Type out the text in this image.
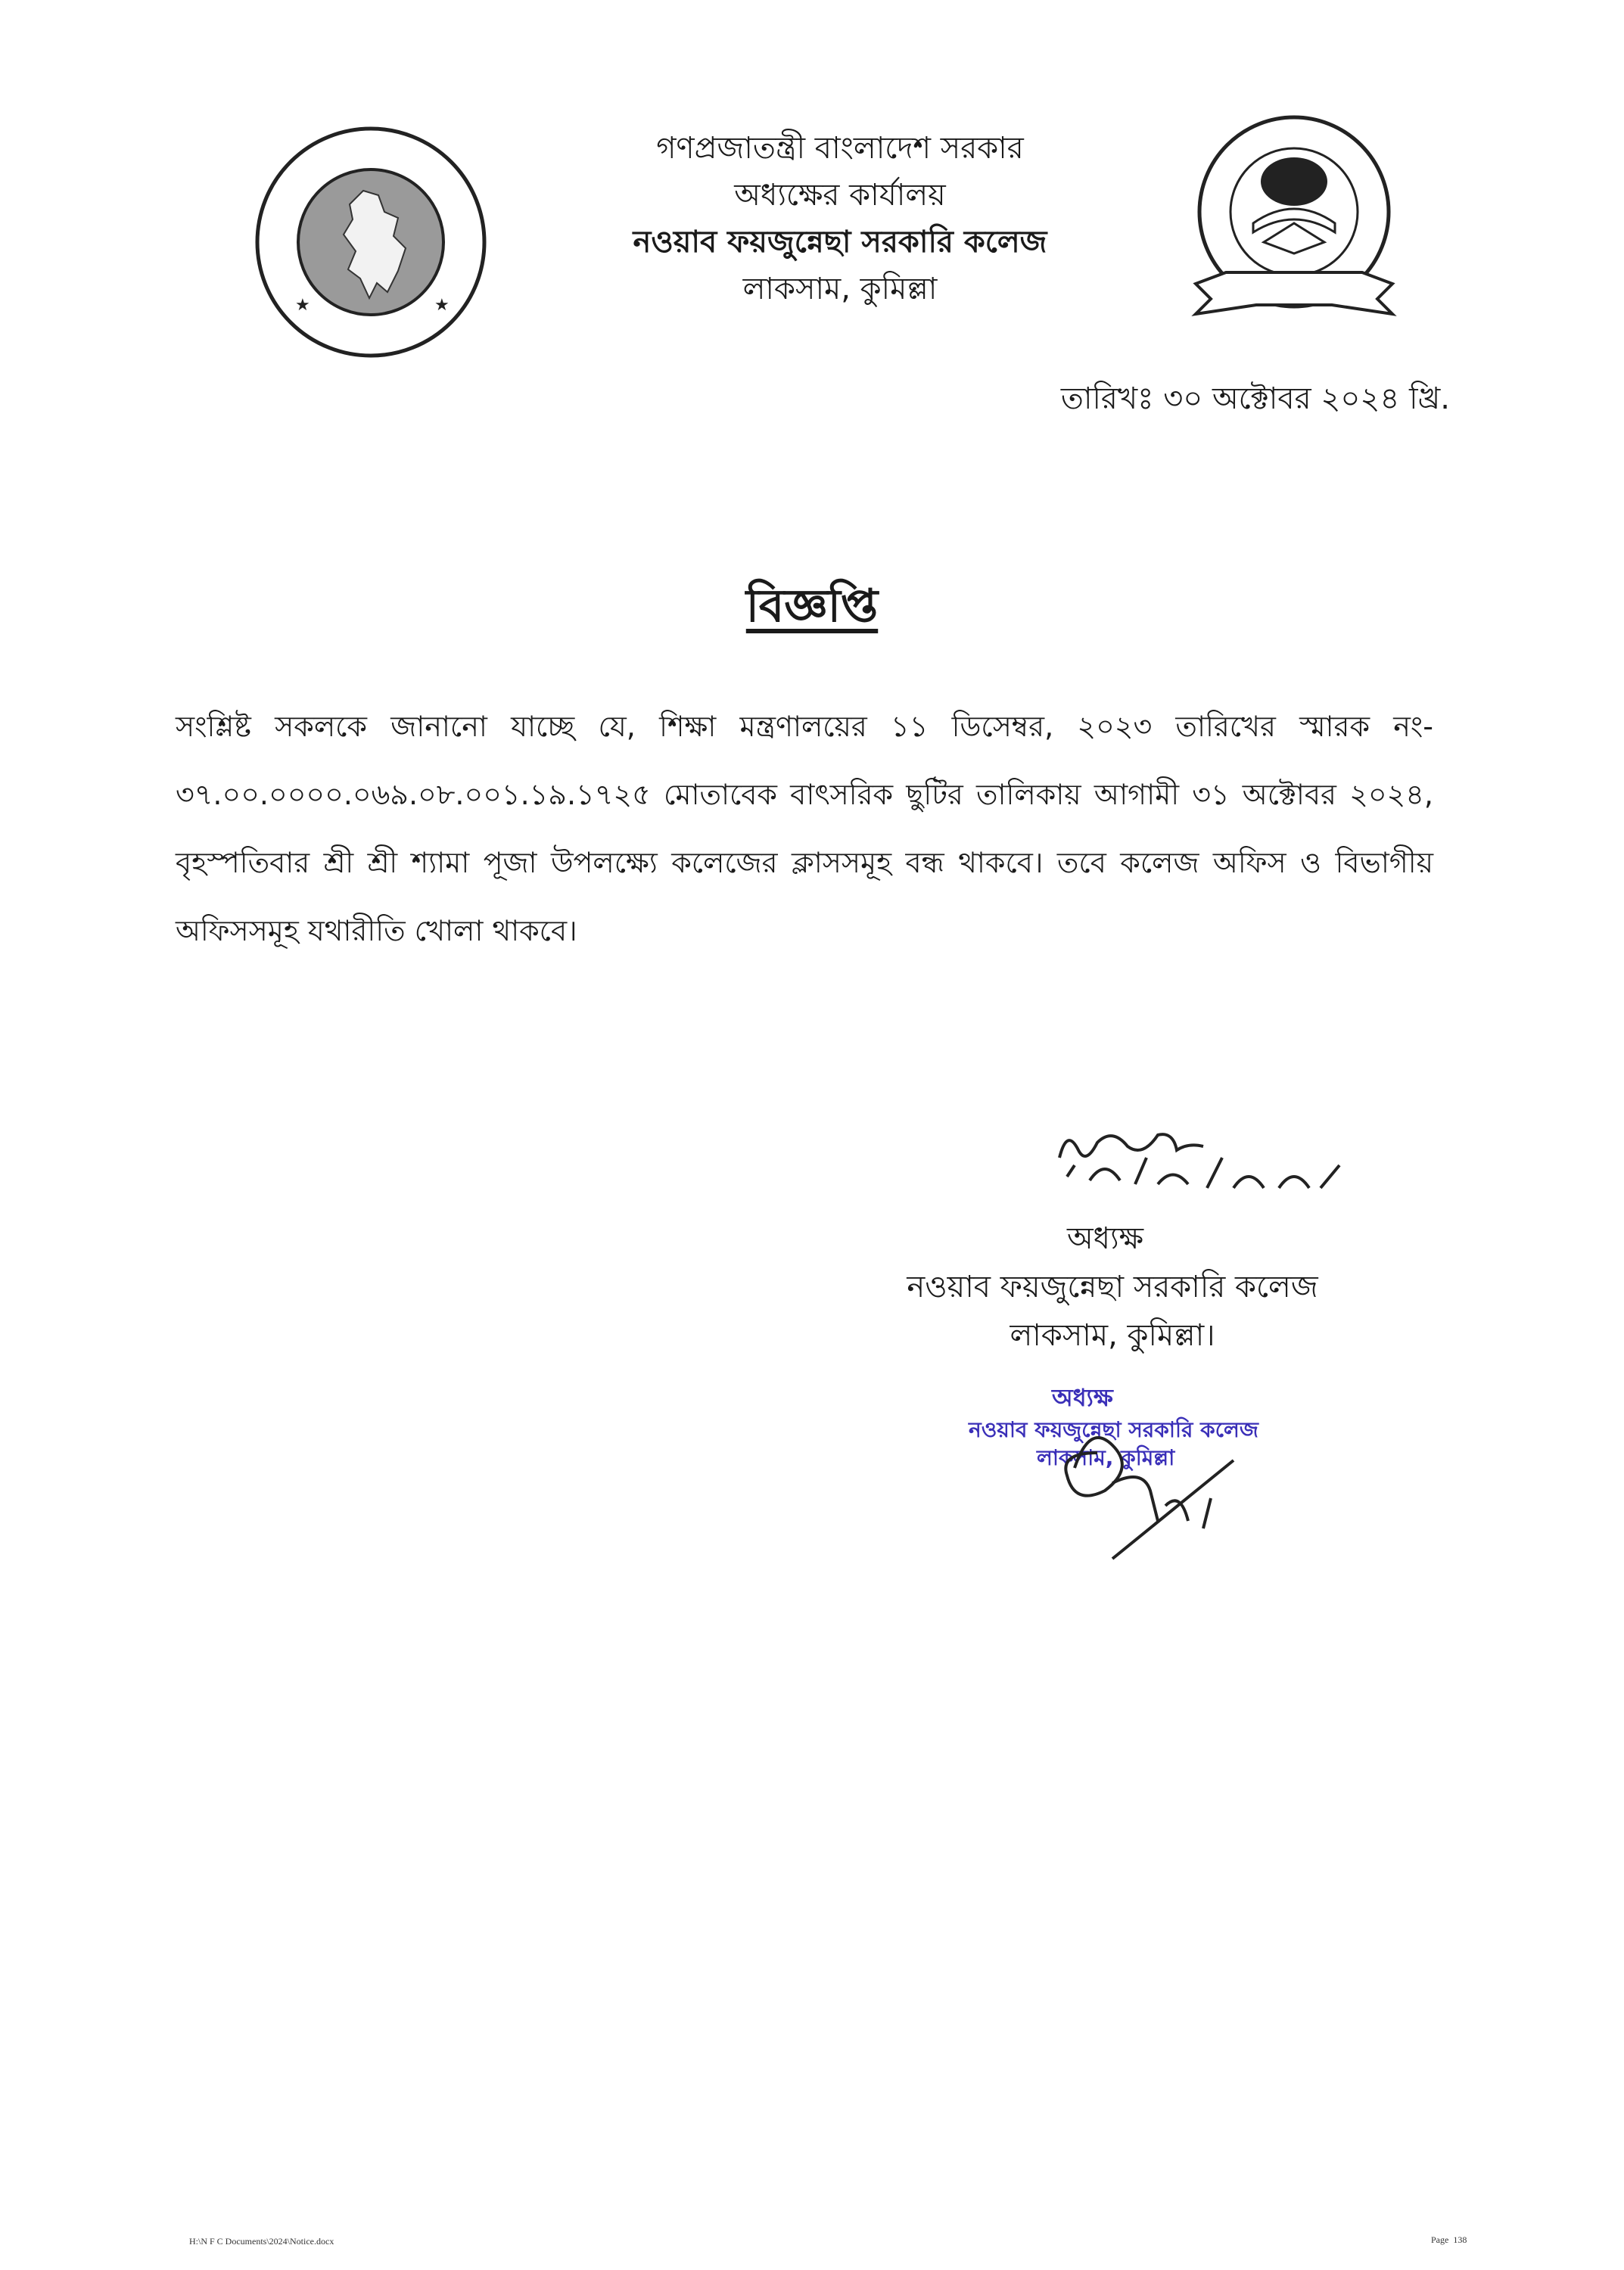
★	★

গণপ্রজাতন্ত্রী বাংলাদেশ সরকার

অধ্যক্ষের কার্যালয়

নওয়াব ফয়জুন্নেছা সরকারি কলেজ

লাকসাম, কুমিল্লা

তারিখঃ ৩০ অক্টোবর ২০২৪ খ্রি.
বিজ্ঞপ্তি
সংশ্লিষ্ট সকলকে জানানো যাচ্ছে যে, শিক্ষা মন্ত্রণালয়ের ১১ ডিসেম্বর, ২০২৩ তারিখের স্মারক নং- ৩৭.০০.০০০০.০৬৯.০৮.০০১.১৯.১৭২৫ মোতাবেক বাৎসরিক ছুটির তালিকায় আগামী ৩১ অক্টোবর ২০২৪, বৃহস্পতিবার শ্রী শ্রী শ্যামা পূজা উপলক্ষ্যে কলেজের ক্লাসসমূহ বন্ধ থাকবে। তবে কলেজ অফিস ও বিভাগীয় অফিসসমূহ যথারীতি খোলা থাকবে।

অধ্যক্ষ

নওয়াব ফয়জুন্নেছা সরকারি কলেজ

লাকসাম, কুমিল্লা।

অধ্যক্ষ
নওয়াব ফয়জুন্নেছা সরকারি কলেজ
লাকসাম, কুমিল্লা
H:\N F C Documents\2024\Notice.docx	Page 138
